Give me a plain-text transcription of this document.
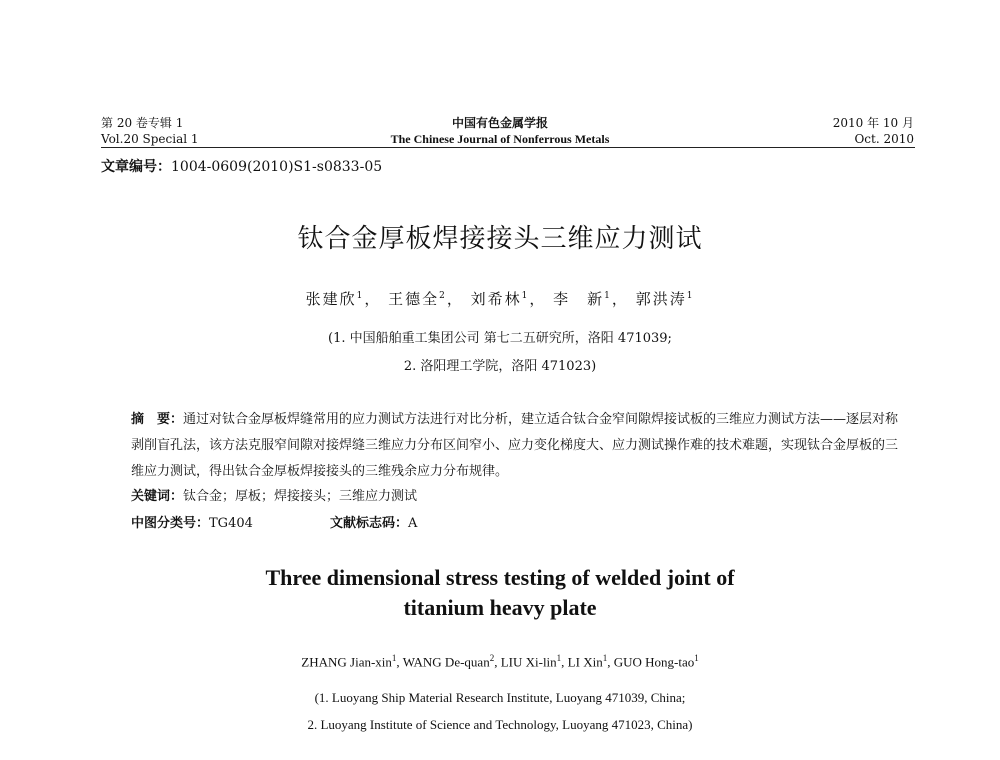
第 20 卷专辑 1
Vol.20 Special 1
中国有色金属学报
The Chinese Journal of Nonferrous Metals
2010 年 10 月
Oct. 2010
文章编号：1004-0609(2010)S1-s0833-05
钛合金厚板焊接接头三维应力测试
张建欣$^1$， 王德全$^2$， 刘希林$^1$， 李　新$^1$， 郭洪涛$^1$
(1. 中国船舶重工集团公司 第七二五研究所，洛阳 471039;
2. 洛阳理工学院，洛阳 471023)
摘　要：通过对钛合金厚板焊缝常用的应力测试方法进行对比分析，建立适合钛合金窄间隙焊接试板的三维应力测试方法——逐层对称剥削盲孔法，该方法克服窄间隙对接焊缝三维应力分布区间窄小、应力变化梯度大、应力测试操作难的技术难题，实现钛合金厚板的三维应力测试，得出钛合金厚板焊接接头的三维残余应力分布规律。
关键词：钛合金；厚板；焊接接头；三维应力测试
中图分类号：TG404	文献标志码：A
Three dimensional stress testing of welded joint of
titanium heavy plate
ZHANG Jian-xin$^1$, WANG De-quan$^2$, LIU Xi-lin$^1$, LI Xin$^1$, GUO Hong-tao$^1$
(1. Luoyang Ship Material Research Institute, Luoyang 471039, China;
2. Luoyang Institute of Science and Technology, Luoyang 471023, China)
